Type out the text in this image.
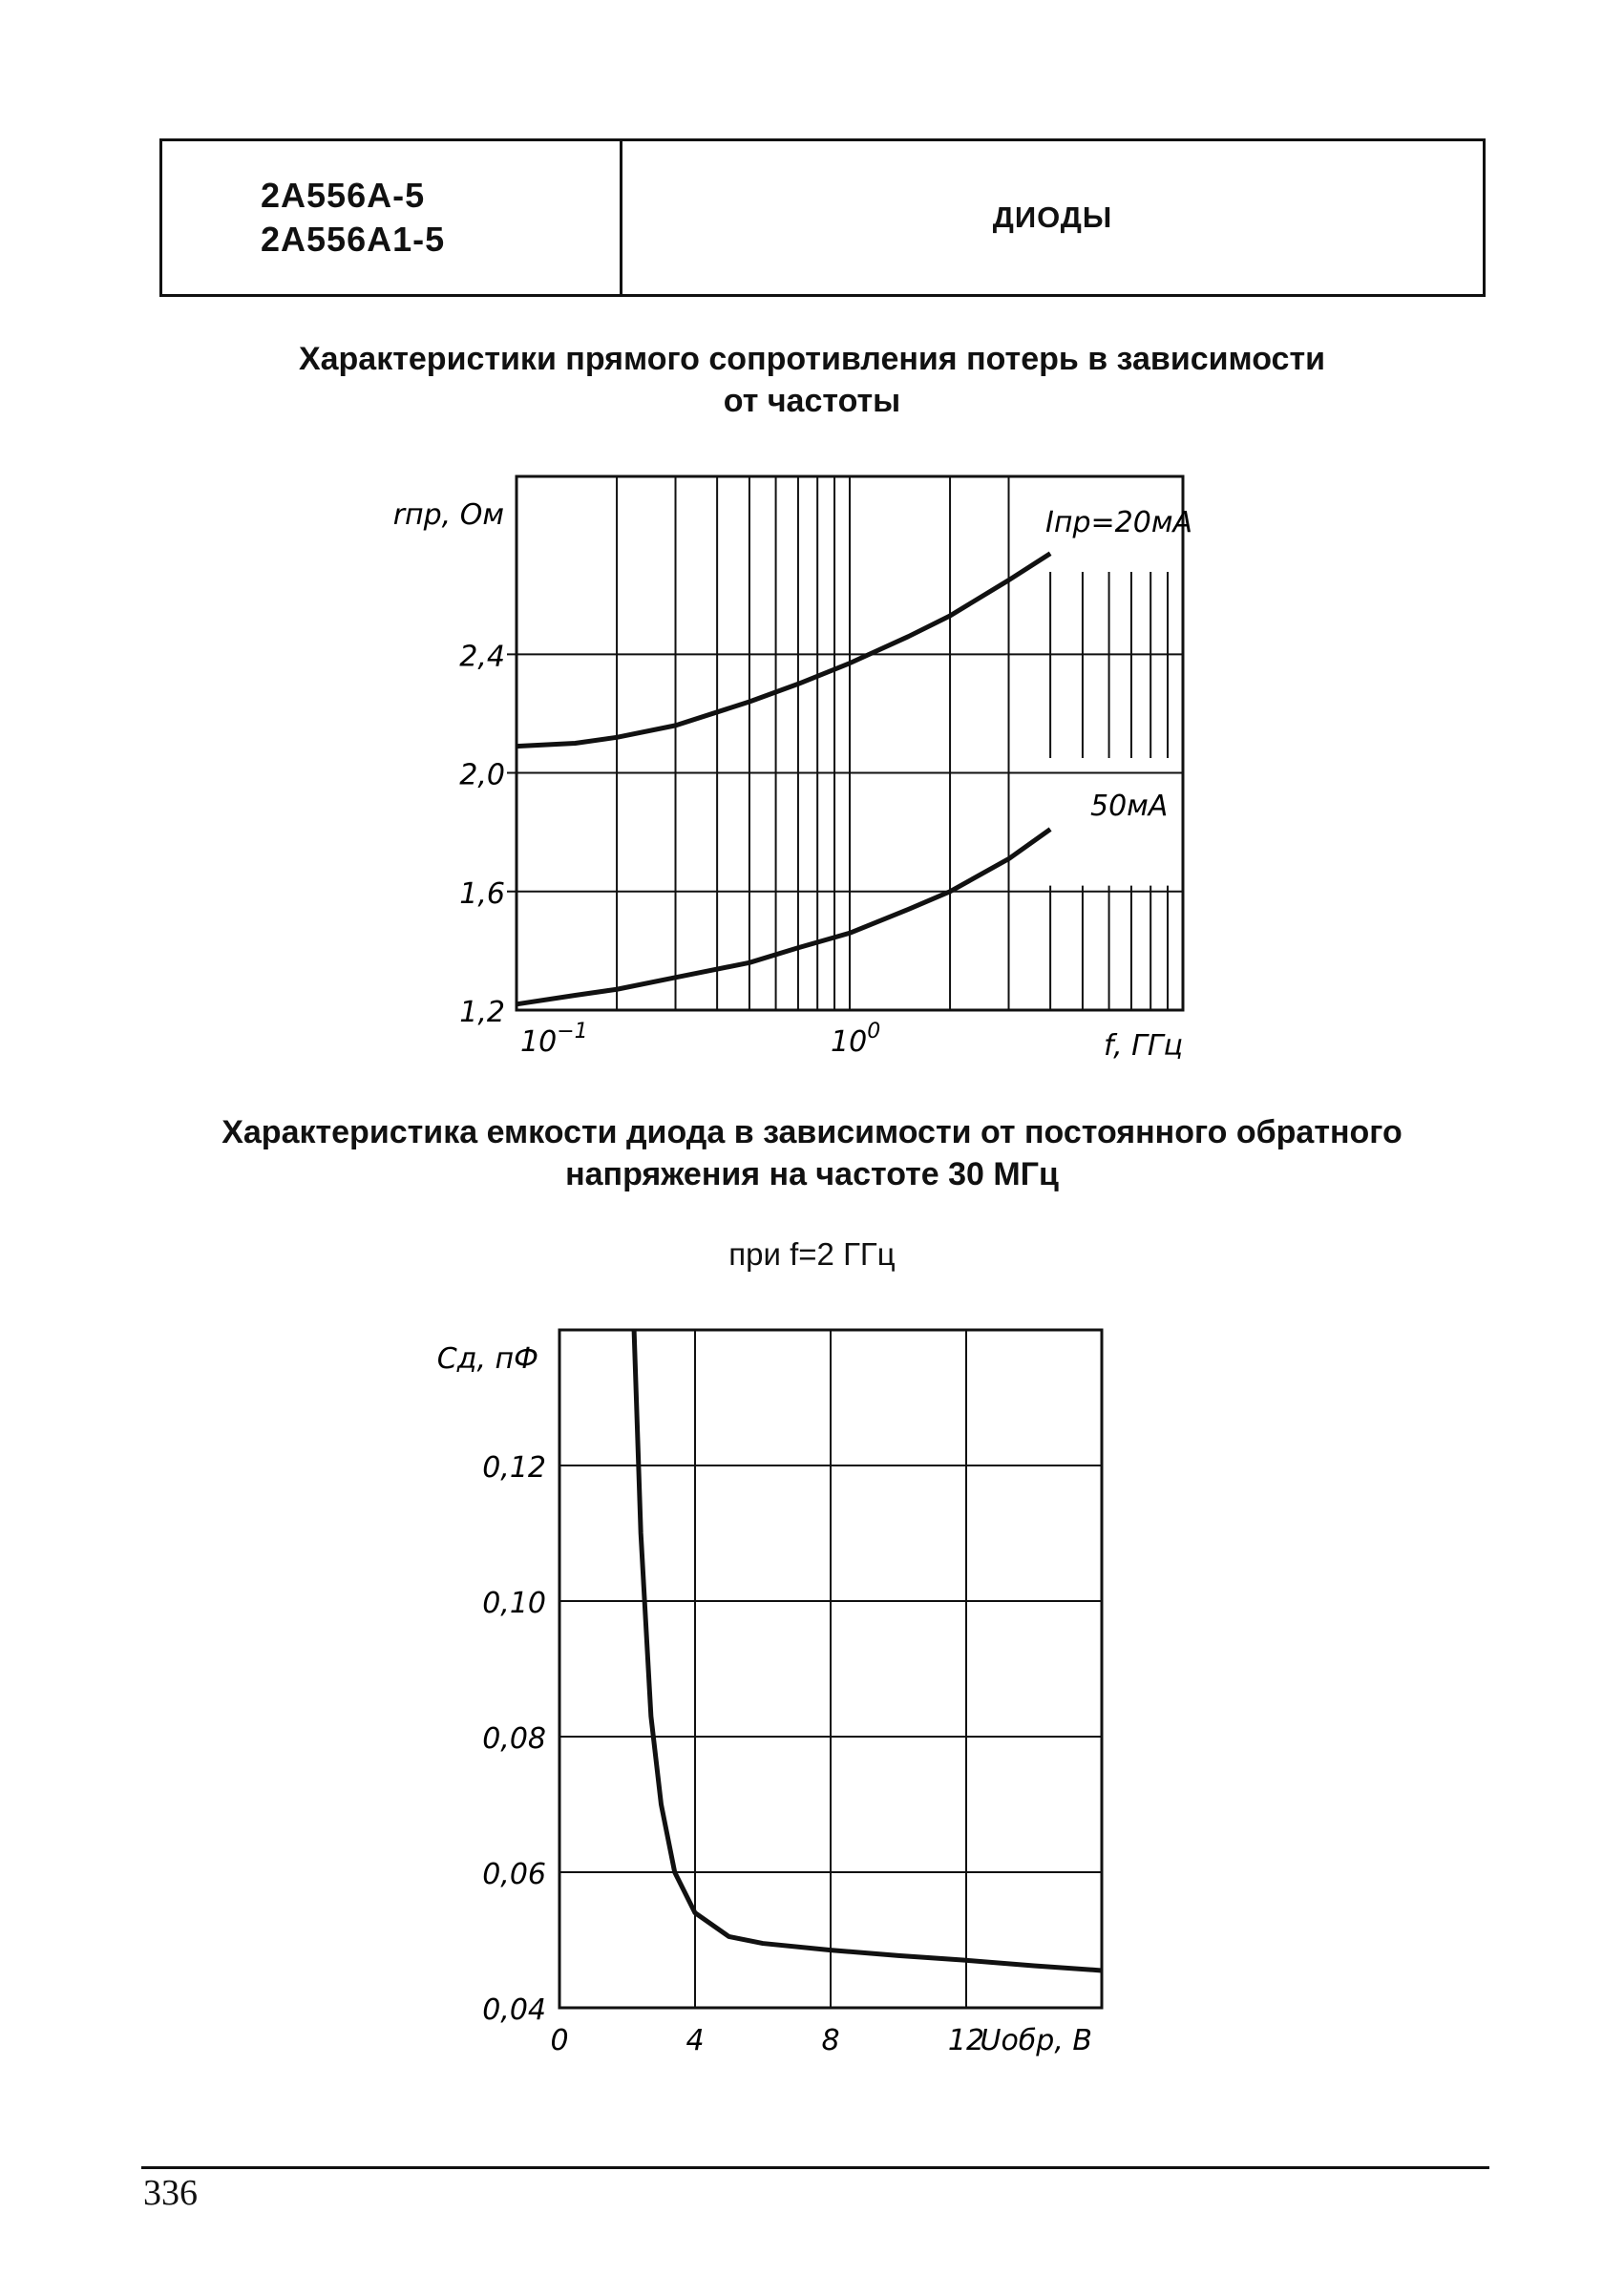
2А556А-5
2А556А1-5
ДИОДЫ
Характеристики прямого сопротивления потерь в зависимости
от частоты
Характеристика емкости диода в зависимости от постоянного обратного
напряжения на частоте 30 МГц
при f=2 ГГц
2,4
2,0
1,6
1,2
rпр, Ом
$10^{-1}$	$10^0$	f, ГГц
Iпр=20мА
50мА
0,12
0,10
0,08
0,06
0,04
Cд, пФ
0	4	8	12
Uобр, В
336
